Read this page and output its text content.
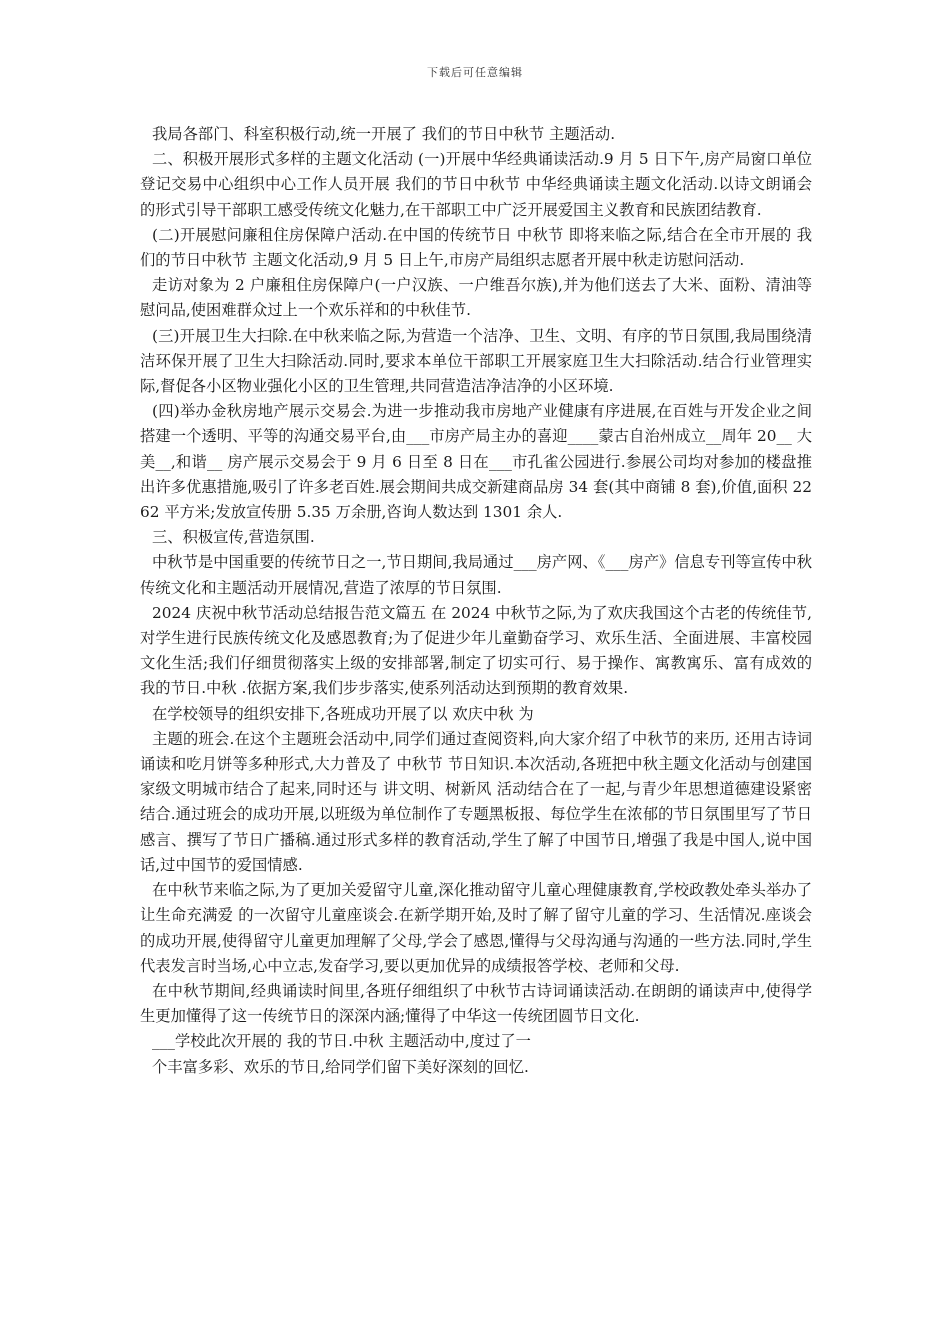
下载后可任意编辑

我局各部门、科室积极行动,统一开展了 我们的节日中秋节 主题活动.

二、积极开展形式多样的主题文化活动 (一)开展中华经典诵读活动.9 月 5 日下午,房产局窗口单位登记交易中心组织中心工作人员开展 我们的节日中秋节 中华经典诵读主题文化活动.以诗文朗诵会的形式引导干部职工感受传统文化魅力,在干部职工中广泛开展爱国主义教育和民族团结教育.

(二)开展慰问廉租住房保障户活动.在中国的传统节日 中秋节 即将来临之际,结合在全市开展的 我们的节日中秋节 主题文化活动,9 月 5 日上午,市房产局组织志愿者开展中秋走访慰问活动.

走访对象为 2 户廉租住房保障户(一户汉族、一户维吾尔族),并为他们送去了大米、面粉、清油等慰问品,使困难群众过上一个欢乐祥和的中秋佳节.

(三)开展卫生大扫除.在中秋来临之际,为营造一个洁净、卫生、文明、有序的节日氛围,我局围绕清洁环保开展了卫生大扫除活动.同时,要求本单位干部职工开展家庭卫生大扫除活动.结合行业管理实际,督促各小区物业强化小区的卫生管理,共同营造洁净洁净的小区环境.

(四)举办金秋房地产展示交易会.为进一步推动我市房地产业健康有序进展,在百姓与开发企业之间搭建一个透明、平等的沟通交易平台,由___市房产局主办的喜迎____蒙古自治州成立__周年 20__ 大美__,和谐__ 房产展示交易会于 9 月 6 日至 8 日在___市孔雀公园进行.参展公司均对参加的楼盘推出许多优惠措施,吸引了许多老百姓.展会期间共成交新建商品房 34 套(其中商铺 8 套),价值,面积 2262 平方米;发放宣传册 5.35 万余册,咨询人数达到 1301 余人.

三、积极宣传,营造氛围.

中秋节是中国重要的传统节日之一,节日期间,我局通过___房产网、《___房产》信息专刊等宣传中秋传统文化和主题活动开展情况,营造了浓厚的节日氛围.

2024 庆祝中秋节活动总结报告范文篇五 在 2024 中秋节之际,为了欢庆我国这个古老的传统佳节,对学生进行民族传统文化及感恩教育;为了促进少年儿童勤奋学习、欢乐生活、全面进展、丰富校园文化生活;我们仔细贯彻落实上级的安排部署,制定了切实可行、易于操作、寓教寓乐、富有成效的 我的节日.中秋 .依据方案,我们步步落实,使系列活动达到预期的教育效果.

在学校领导的组织安排下,各班成功开展了以 欢庆中秋 为

主题的班会.在这个主题班会活动中,同学们通过查阅资料,向大家介绍了中秋节的来历, 还用古诗词诵读和吃月饼等多种形式,大力普及了 中秋节 节日知识.本次活动,各班把中秋主题文化活动与创建国家级文明城市结合了起来,同时还与 讲文明、树新风 活动结合在了一起,与青少年思想道德建设紧密结合.通过班会的成功开展,以班级为单位制作了专题黑板报、每位学生在浓郁的节日氛围里写了节日感言、撰写了节日广播稿.通过形式多样的教育活动,学生了解了中国节日,增强了我是中国人,说中国话,过中国节的爱国情感.

在中秋节来临之际,为了更加关爱留守儿童,深化推动留守儿童心理健康教育,学校政教处牵头举办了 让生命充满爱 的一次留守儿童座谈会.在新学期开始,及时了解了留守儿童的学习、生活情况.座谈会的成功开展,使得留守儿童更加理解了父母,学会了感恩,懂得与父母沟通与沟通的一些方法.同时,学生代表发言时当场,心中立志,发奋学习,要以更加优异的成绩报答学校、老师和父母.

在中秋节期间,经典诵读时间里,各班仔细组织了中秋节古诗词诵读活动.在朗朗的诵读声中,使得学生更加懂得了这一传统节日的深深内涵;懂得了中华这一传统团圆节日文化.

___学校此次开展的 我的节日.中秋 主题活动中,度过了一

个丰富多彩、欢乐的节日,给同学们留下美好深刻的回忆.
